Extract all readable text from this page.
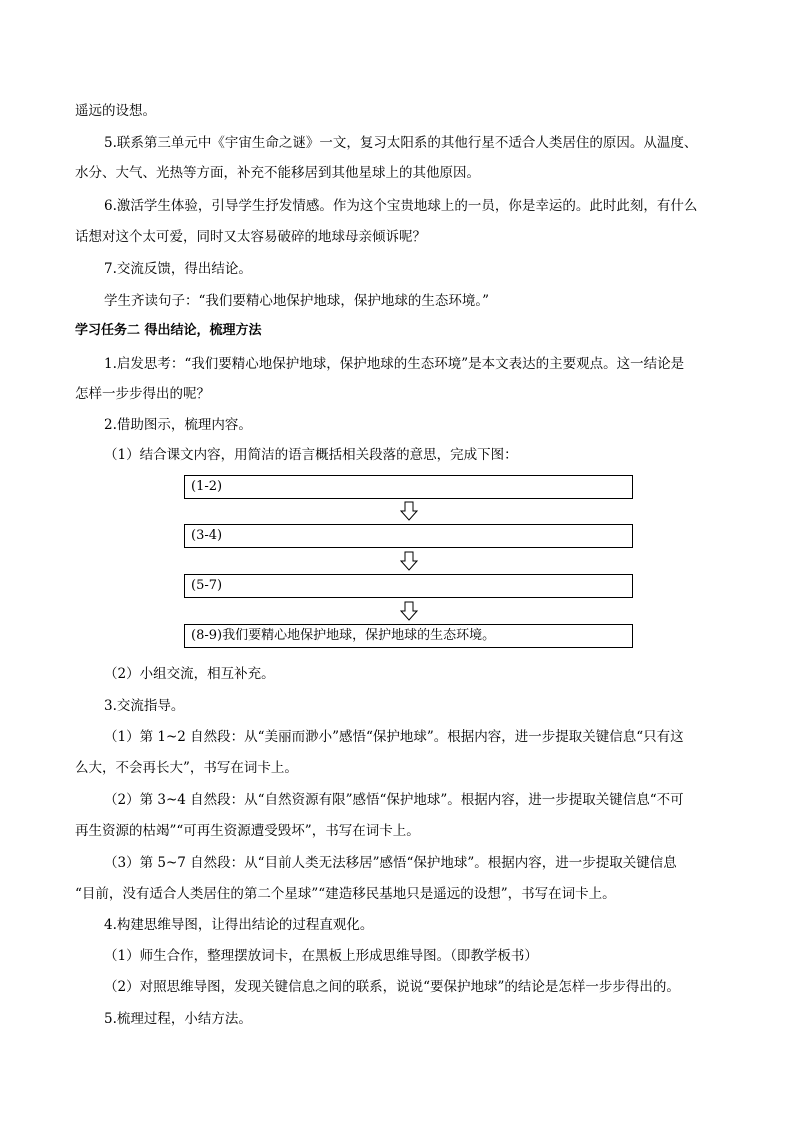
遥远的设想。
5.联系第三单元中《宇宙生命之谜》一文，复习太阳系的其他行星不适合人类居住的原因。从温度、
水分、大气、光热等方面，补充不能移居到其他星球上的其他原因。
6.激活学生体验，引导学生抒发情感。作为这个宝贵地球上的一员，你是幸运的。此时此刻，有什么
话想对这个太可爱，同时又太容易破碎的地球母亲倾诉呢？
7.交流反馈，得出结论。
学生齐读句子：“我们要精心地保护地球，保护地球的生态环境。”
学习任务二 得出结论，梳理方法
1.启发思考：“我们要精心地保护地球，保护地球的生态环境”是本文表达的主要观点。这一结论是
怎样一步步得出的呢？
2.借助图示，梳理内容。
（1）结合课文内容，用简洁的语言概括相关段落的意思，完成下图：
(1-2)
(3-4)
(5-7)
(8-9)我们要精心地保护地球，保护地球的生态环境。
（2）小组交流，相互补充。
3.交流指导。
（1）第 1~2 自然段：从“美丽而渺小”感悟“保护地球”。根据内容，进一步提取关键信息“只有这
么大，不会再长大”，书写在词卡上。
（2）第 3~4 自然段：从“自然资源有限”感悟“保护地球”。根据内容，进一步提取关键信息“不可
再生资源的枯竭”“可再生资源遭受毁坏”，书写在词卡上。
（3）第 5~7 自然段：从“目前人类无法移居”感悟“保护地球”。根据内容，进一步提取关键信息
“目前，没有适合人类居住的第二个星球”“建造移民基地只是遥远的设想”，书写在词卡上。
4.构建思维导图，让得出结论的过程直观化。
（1）师生合作，整理摆放词卡，在黑板上形成思维导图。（即教学板书）
（2）对照思维导图，发现关键信息之间的联系，说说“要保护地球”的结论是怎样一步步得出的。
5.梳理过程，小结方法。
